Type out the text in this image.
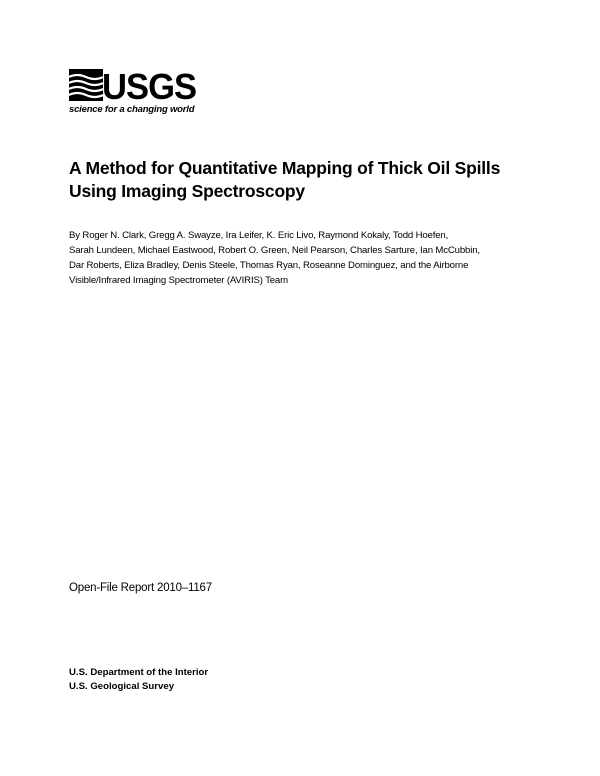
USGS
science for a changing world
A Method for Quantitative Mapping of Thick Oil Spills
Using Imaging Spectroscopy
By Roger N. Clark, Gregg A. Swayze, Ira Leifer, K. Eric Livo, Raymond Kokaly, Todd Hoefen,
Sarah Lundeen, Michael Eastwood, Robert O. Green, Neil Pearson, Charles Sarture, Ian McCubbin,
Dar Roberts, Eliza Bradley, Denis Steele, Thomas Ryan, Roseanne Dominguez, and the Airborne
Visible/Infrared Imaging Spectrometer (AVIRIS) Team
Open-File Report 2010–1167
U.S. Department of the Interior
U.S. Geological Survey
